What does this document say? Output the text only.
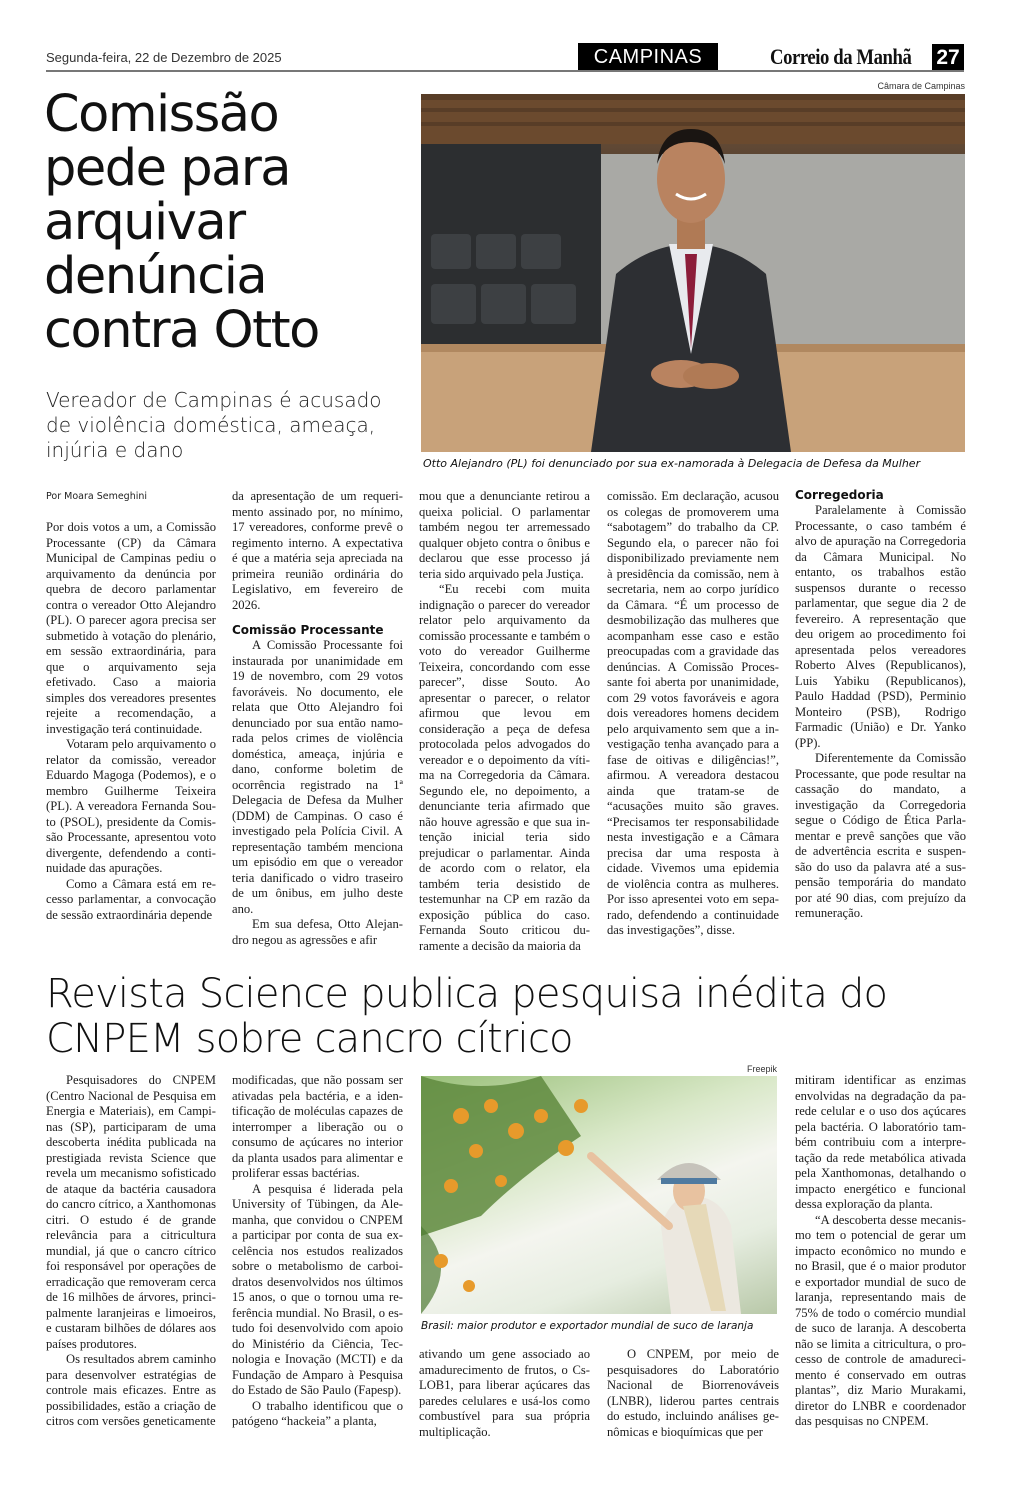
Segunda-feira, 22 de Dezembro de 2025	CAMPINAS	Correio da Manhã 27
Câmara de Campinas
Comissão pede para arquivar denúncia contra Otto
Vereador de Campinas é acusado de violência doméstica, ameaça, injúria e dano
Otto Alejandro (PL) foi denunciado por sua ex-namorada à Delegacia de Defesa da Mulher
Por Moara Semeghini

Por dois votos a um, a Comissão Processante (CP) da Câmara Municipal de Campinas pediu o arquivamento da denúncia por quebra de decoro parlamentar contra o vereador Otto Alejandro (PL). O parecer agora precisa ser submetido à votação do plenário, em sessão extraordinária, para que o arquivamento seja efetivado. Caso a maioria simples dos vereadores presentes rejeite a recomendação, a investigação terá continuidade.

Votaram pelo arquivamento o relator da comissão, vereador Eduardo Magoga (Podemos), e o membro Guilherme Teixeira (PL). A vereadora Fernanda Souto (PSOL), presidente da Comissão Processante, apresentou voto divergente, defendendo a continuidade das apurações.

Como a Câmara está em recesso parlamentar, a convocação de sessão extraordinária depende

da apresentação de um requerimento assinado por, no mínimo, 17 vereadores, conforme prevê o regimento interno. A expectativa é que a matéria seja apreciada na primeira reunião ordinária do Legislativo, em fevereiro de 2026.

Comissão Processante

A Comissão Processante foi instaurada por unanimidade em 19 de novembro, com 29 votos favoráveis. No documento, ele relata que Otto Alejandro foi denunciado por sua então namorada pelos crimes de violência doméstica, ameaça, injúria e dano, conforme boletim de ocorrência registrado na 1ª Delegacia de Defesa da Mulher (DDM) de Campinas. O caso é investigado pela Polícia Civil. A representação também menciona um episódio em que o vereador teria danificado o vidro traseiro de um ônibus, em julho deste ano.

Em sua defesa, Otto Alejandro negou as agressões e afir

mou que a denunciante retirou a queixa policial. O parlamentar também negou ter arremessado qualquer objeto contra o ônibus e declarou que esse processo já teria sido arquivado pela Justiça.

“Eu recebi com muita indignação o parecer do vereador relator pelo arquivamento da comissão processante e também o voto do vereador Guilherme Teixeira, concordando com esse parecer”, disse Souto. Ao apresentar o parecer, o relator afirmou que levou em consideração a peça de defesa protocolada pelos advogados do vereador e o depoimento da vítima na Corregedoria da Câmara. Segundo ele, no depoimento, a denunciante teria afirmado que não houve agressão e que sua intenção inicial teria sido prejudicar o parlamentar. Ainda de acordo com o relator, ela também teria desistido de testemunhar na CP em razão da exposição pública do caso. Fernanda Souto criticou duramente a decisão da maioria da

comissão. Em declaração, acusou os colegas de promoverem uma “sabotagem” do trabalho da CP. Segundo ela, o parecer não foi disponibilizado previamente nem à presidência da comissão, nem à secretaria, nem ao corpo jurídico da Câmara. “É um processo de desmobilização das mulheres que acompanham esse caso e estão preocupadas com a gravidade das denúncias. A Comissão Processante foi aberta por unanimidade, com 29 votos favoráveis e agora dois vereadores homens decidem pelo arquivamento sem que a investigação tenha avançado para a fase de oitivas e diligências!”, afirmou. A vereadora destacou ainda que tratam-se de “acusações muito são graves. “Precisamos ter responsabilidade nesta investigação e a Câmara precisa dar uma resposta à cidade. Vivemos uma epidemia de violência contra as mulheres. Por isso apresentei voto em separado, defendendo a continuidade das investigações”, disse.

Corregedoria

Paralelamente à Comissão Processante, o caso também é alvo de apuração na Corregedoria da Câmara Municipal. No entanto, os trabalhos estão suspensos durante o recesso parlamentar, que segue dia 2 de fevereiro. A representação que deu origem ao procedimento foi apresentada pelos vereadores Roberto Alves (Republicanos), Luis Yabiku (Republicanos), Paulo Haddad (PSD), Perminio Monteiro (PSB), Rodrigo Farmadic (União) e Dr. Yanko (PP).

Diferentemente da Comissão Processante, que pode resultar na cassação do mandato, a investigação da Corregedoria segue o Código de Ética Parlamentar e prevê sanções que vão de advertência escrita e suspensão do uso da palavra até a suspensão temporária do mandato por até 90 dias, com prejuízo da remuneração.

Revista Science publica pesquisa inédita do CNPEM sobre cancro cítrico
Freepik
Brasil: maior produtor e exportador mundial de suco de laranja

Pesquisadores do CNPEM (Centro Nacional de Pesquisa em Energia e Materiais), em Campinas (SP), participaram de uma descoberta inédita publicada na prestigiada revista Science que revela um mecanismo sofisticado de ataque da bactéria causadora do cancro cítrico, a Xanthomonas citri. O estudo é de grande relevância para a citricultura mundial, já que o cancro cítrico foi responsável por operações de erradicação que removeram cerca de 16 milhões de árvores, principalmente laranjeiras e limoeiros, e custaram bilhões de dólares aos países produtores.

Os resultados abrem caminho para desenvolver estratégias de controle mais eficazes. Entre as possibilidades, estão a criação de citros com versões geneticamente

modificadas, que não possam ser ativadas pela bactéria, e a identificação de moléculas capazes de interromper a liberação ou o consumo de açúcares no interior da planta usados para alimentar e proliferar essas bactérias.

A pesquisa é liderada pela University of Tübingen, da Alemanha, que convidou o CNPEM a participar por conta de sua excelência nos estudos realizados sobre o metabolismo de carboidratos desenvolvidos nos últimos 15 anos, o que o tornou uma referência mundial. No Brasil, o estudo foi desenvolvido com apoio do Ministério da Ciência, Tecnologia e Inovação (MCTI) e da Fundação de Amparo à Pesquisa do Estado de São Paulo (Fapesp).

O trabalho identificou que o patógeno “hackeia” a planta,

ativando um gene associado ao amadurecimento de frutos, o CsLOB1, para liberar açúcares das paredes celulares e usá-los como combustível para sua própria multiplicação.

O CNPEM, por meio de pesquisadores do Laboratório Nacional de Biorrenováveis (LNBR), liderou partes centrais do estudo, incluindo análises genômicas e bioquímicas que per

mitiram identificar as enzimas envolvidas na degradação da parede celular e o uso dos açúcares pela bactéria. O laboratório também contribuiu com a interpretação da rede metabólica ativada pela Xanthomonas, detalhando o impacto energético e funcional dessa exploração da planta.

“A descoberta desse mecanismo tem o potencial de gerar um impacto econômico no mundo e no Brasil, que é o maior produtor e exportador mundial de suco de laranja, representando mais de 75% de todo o comércio mundial de suco de laranja. A descoberta não se limita a citricultura, o processo de controle de amadurecimento é conservado em outras plantas”, diz Mario Murakami, diretor do LNBR e coordenador das pesquisas no CNPEM.
